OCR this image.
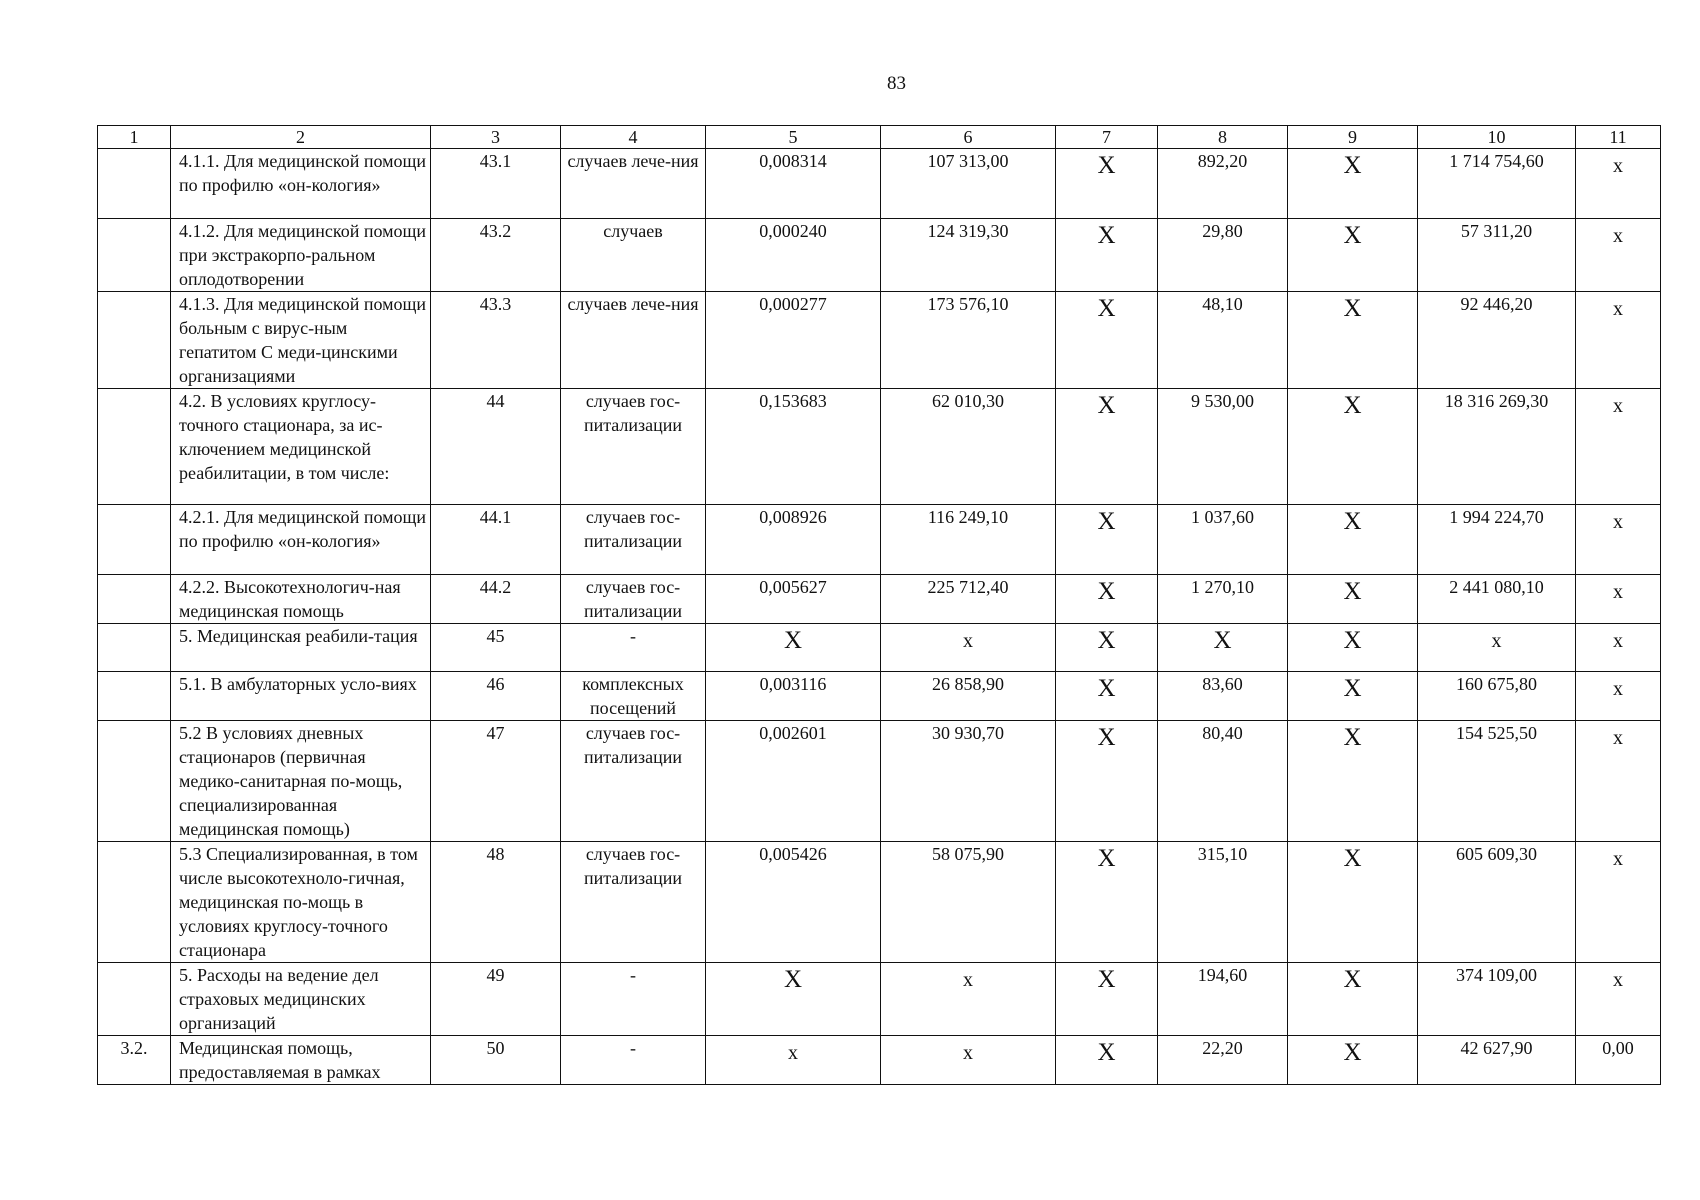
83
1	2	3	4	5	6	7	8	9	10	11
	4.1.1. Для медицинской помощи по профилю «он-кология»	43.1	случаев лече-ния	0,008314	107 313,00	X	892,20	X	1 714 754,60	x
	4.1.2. Для медицинской помощи при экстракорпо-ральном оплодотворении	43.2	случаев	0,000240	124 319,30	X	29,80	X	57 311,20	x
	4.1.3. Для медицинской помощи больным с вирус-ным гепатитом С меди-цинскими организациями	43.3	случаев лече-ния	0,000277	173 576,10	X	48,10	X	92 446,20	x
	4.2. В условиях круглосу-точного стационара, за ис-ключением медицинской реабилитации, в том числе:	44	случаев гос-питализации	0,153683	62 010,30	X	9 530,00	X	18 316 269,30	x
	4.2.1. Для медицинской помощи по профилю «он-кология»	44.1	случаев гос-питализации	0,008926	116 249,10	X	1 037,60	X	1 994 224,70	x
	4.2.2. Высокотехнологич-ная медицинская помощь	44.2	случаев гос-питализации	0,005627	225 712,40	X	1 270,10	X	2 441 080,10	x
	5. Медицинская реабили-тация	45	-	X	x	X	X	X	x	x
	5.1. В амбулаторных усло-виях	46	комплексных посещений	0,003116	26 858,90	X	83,60	X	160 675,80	x
	5.2 В условиях дневных стационаров (первичная медико-санитарная по-мощь, специализированная медицинская помощь)	47	случаев гос-питализации	0,002601	30 930,70	X	80,40	X	154 525,50	x
	5.3 Специализированная, в том числе высокотехноло-гичная, медицинская по-мощь в условиях круглосу-точного стационара	48	случаев гос-питализации	0,005426	58 075,90	X	315,10	X	605 609,30	x
	5. Расходы на ведение дел страховых медицинских организаций	49	-	X	x	X	194,60	X	374 109,00	x
3.2.	Медицинская помощь, предоставляемая в рамках	50	-	x	x	X	22,20	X	42 627,90	0,00
